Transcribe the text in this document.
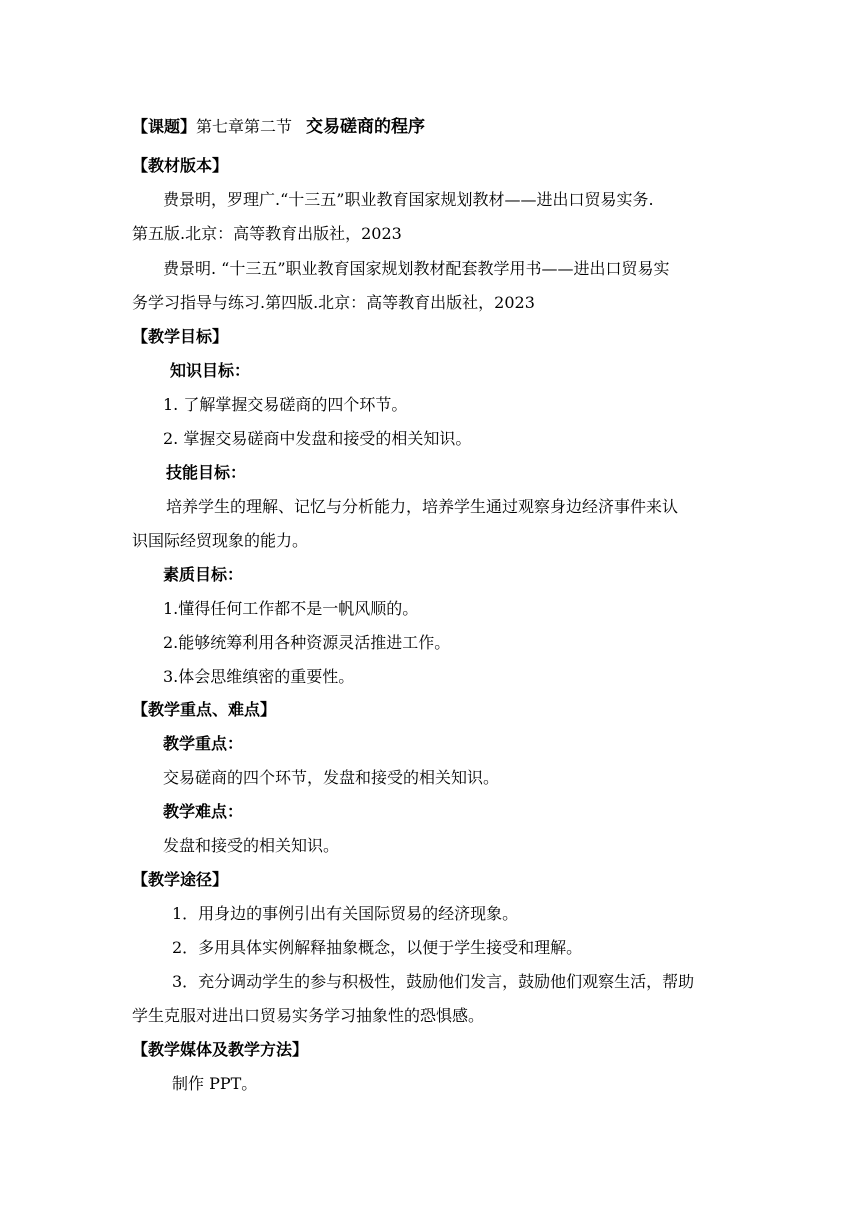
【课题】第七章第二节 交易磋商的程序
【教材版本】
费景明，罗理广.“十三五”职业教育国家规划教材——进出口贸易实务.
第五版.北京：高等教育出版社，2023
费景明. “十三五”职业教育国家规划教材配套教学用书——进出口贸易实
务学习指导与练习.第四版.北京：高等教育出版社，2023
【教学目标】
知识目标：
1. 了解掌握交易磋商的四个环节。
2. 掌握交易磋商中发盘和接受的相关知识。
技能目标：
培养学生的理解、记忆与分析能力，培养学生通过观察身边经济事件来认
识国际经贸现象的能力。
素质目标：
1.懂得任何工作都不是一帆风顺的。
2.能够统筹利用各种资源灵活推进工作。
3.体会思维缜密的重要性。
【教学重点、难点】
教学重点：
交易磋商的四个环节，发盘和接受的相关知识。
教学难点：
发盘和接受的相关知识。
【教学途径】
1．用身边的事例引出有关国际贸易的经济现象。
2．多用具体实例解释抽象概念，以便于学生接受和理解。
3．充分调动学生的参与积极性，鼓励他们发言，鼓励他们观察生活，帮助
学生克服对进出口贸易实务学习抽象性的恐惧感。
【教学媒体及教学方法】
制作 PPT。
